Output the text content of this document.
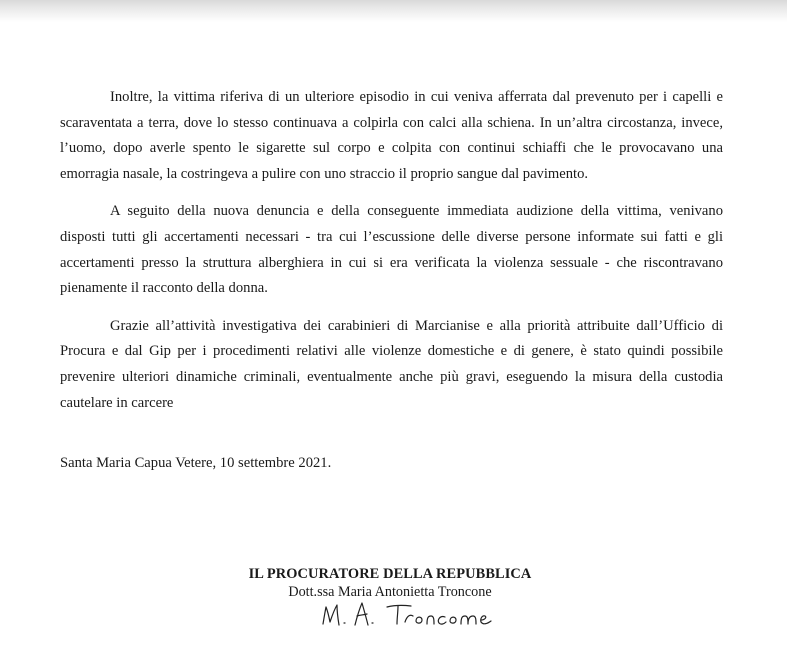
Inoltre, la vittima riferiva di un ulteriore episodio in cui veniva afferrata dal prevenuto per i capelli e scaraventata a terra, dove lo stesso continuava a colpirla con calci alla schiena. In un’altra circostanza, invece, l’uomo, dopo averle spento le sigarette sul corpo e colpita con continui schiaffi che le provocavano una emorragia nasale, la costringeva a pulire con uno straccio il proprio sangue dal pavimento.

A seguito della nuova denuncia e della conseguente immediata audizione della vittima, venivano disposti tutti gli accertamenti necessari - tra cui l’escussione delle diverse persone informate sui fatti e gli accertamenti presso la struttura alberghiera in cui si era verificata la violenza sessuale - che riscontravano pienamente il racconto della donna.

Grazie all’attività investigativa dei carabinieri di Marcianise e alla priorità attribuite dall’Ufficio di Procura e dal Gip per i procedimenti relativi alle violenze domestiche e di genere, è stato quindi possibile prevenire ulteriori dinamiche criminali, eventualmente anche più gravi, eseguendo la misura della custodia cautelare in carcere

Santa Maria Capua Vetere, 10 settembre 2021.
IL PROCURATORE DELLA REPUBBLICA
Dott.ssa Maria Antonietta Troncone
